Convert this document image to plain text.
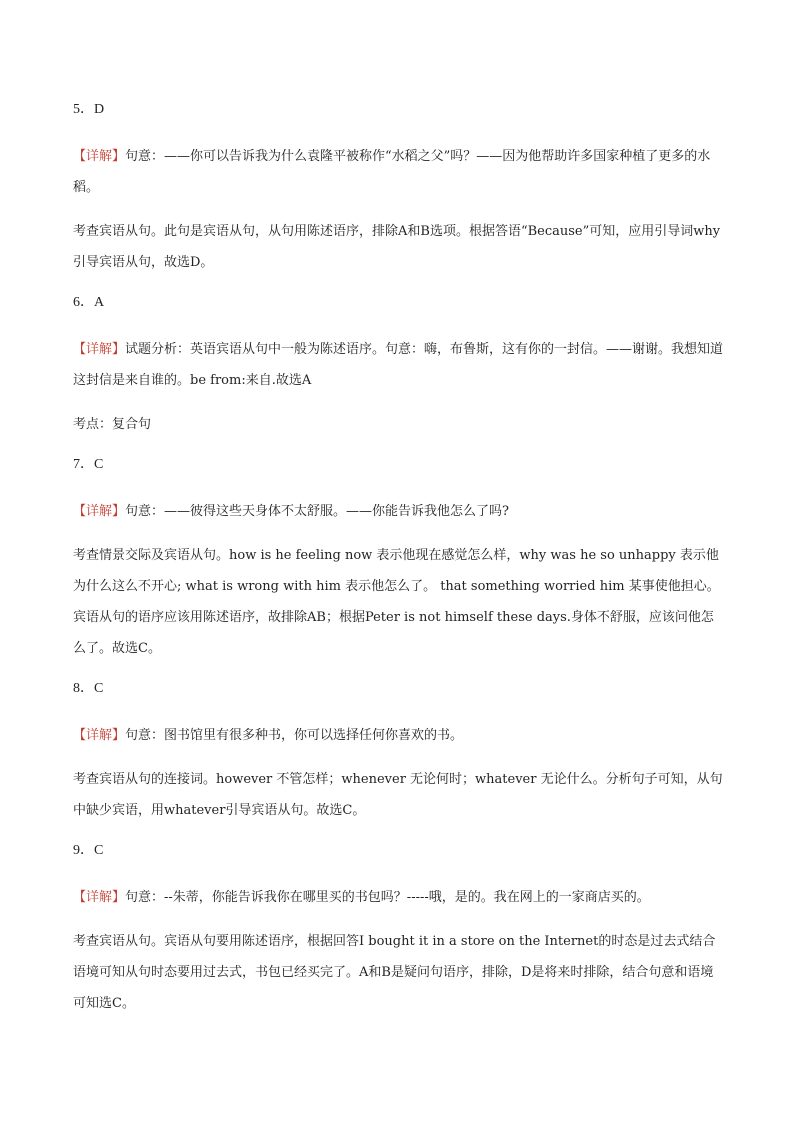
5．D

【详解】句意：——你可以告诉我为什么袁隆平被称作“水稻之父”吗？——因为他帮助许多国家种植了更多的水稻。

考查宾语从句。此句是宾语从句，从句用陈述语序，排除A和B选项。根据答语“Because”可知，应用引导词why引导宾语从句，故选D。

6．A

【详解】试题分析：英语宾语从句中一般为陈述语序。句意：嗨，布鲁斯，这有你的一封信。——谢谢。我想知道这封信是来自谁的。be from:来自.故选A

考点：复合句

7．C

【详解】句意：——彼得这些天身体不太舒服。——你能告诉我他怎么了吗?

考查情景交际及宾语从句。how is he feeling now 表示他现在感觉怎么样，why was he so unhappy 表示他为什么这么不开心; what is wrong with him 表示他怎么了。 that something worried him 某事使他担心。宾语从句的语序应该用陈述语序，故排除AB；根据Peter is not himself these days.身体不舒服，应该问他怎么了。故选C。

8．C

【详解】句意：图书馆里有很多种书，你可以选择任何你喜欢的书。

考查宾语从句的连接词。however 不管怎样；whenever 无论何时；whatever 无论什么。分析句子可知，从句中缺少宾语，用whatever引导宾语从句。故选C。

9．C

【详解】句意：--朱蒂，你能告诉我你在哪里买的书包吗？-----哦，是的。我在网上的一家商店买的。

考查宾语从句。宾语从句要用陈述语序，根据回答I bought it in a store on the Internet的时态是过去式结合语境可知从句时态要用过去式，书包已经买完了。A和B是疑问句语序，排除，D是将来时排除，结合句意和语境可知选C。
